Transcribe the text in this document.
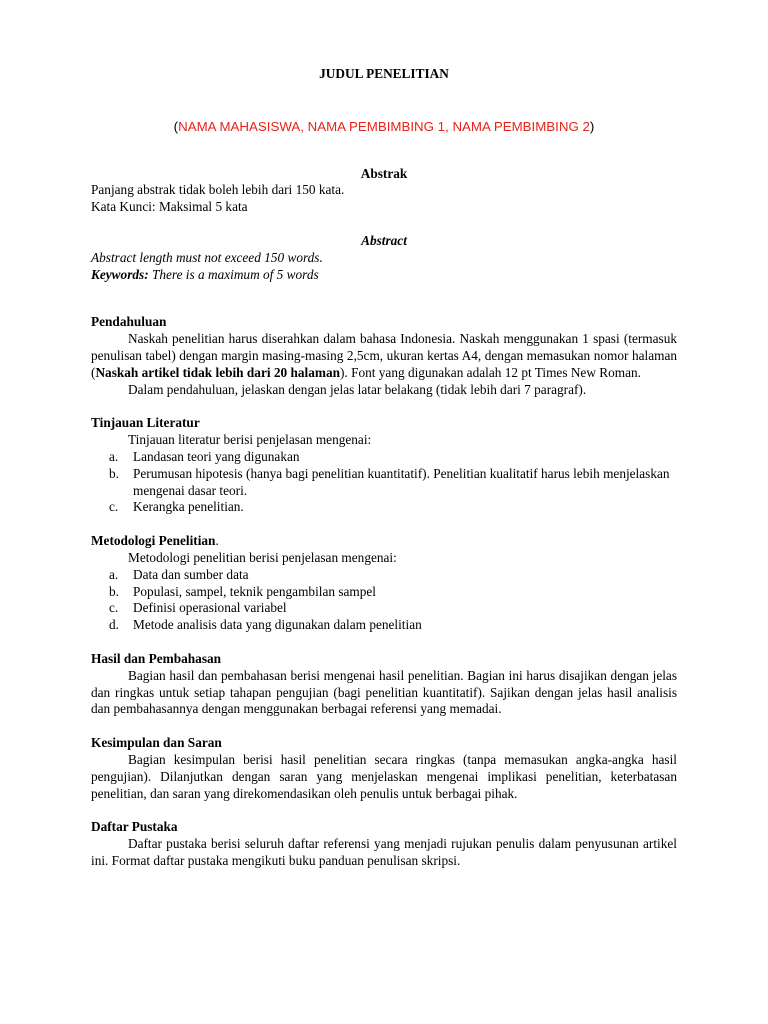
JUDUL PENELITIAN

(NAMA MAHASISWA, NAMA PEMBIMBING 1, NAMA PEMBIMBING 2)

Abstrak

Panjang abstrak tidak boleh lebih dari 150 kata.

Kata Kunci: Maksimal 5 kata

Abstract

Abstract length must not exceed 150 words.

Keywords: There is a maximum of 5 words

Pendahuluan

Naskah penelitian harus diserahkan dalam bahasa Indonesia. Naskah menggunakan 1 spasi (termasuk penulisan tabel) dengan margin masing-masing 2,5cm, ukuran kertas A4, dengan memasukan nomor halaman (Naskah artikel tidak lebih dari 20 halaman). Font yang digunakan adalah 12 pt Times New Roman.

Dalam pendahuluan, jelaskan dengan jelas latar belakang (tidak lebih dari 7 paragraf).

Tinjauan Literatur

Tinjauan literatur berisi penjelasan mengenai:

a. Landasan teori yang digunakan
b. Perumusan hipotesis (hanya bagi penelitian kuantitatif). Penelitian kualitatif harus lebih menjelaskan mengenai dasar teori.
c. Kerangka penelitian.

Metodologi Penelitian.

Metodologi penelitian berisi penjelasan mengenai:

a. Data dan sumber data
b. Populasi, sampel, teknik pengambilan sampel
c. Definisi operasional variabel
d. Metode analisis data yang digunakan dalam penelitian

Hasil dan Pembahasan

Bagian hasil dan pembahasan berisi mengenai hasil penelitian. Bagian ini harus disajikan dengan jelas dan ringkas untuk setiap tahapan pengujian (bagi penelitian kuantitatif). Sajikan dengan jelas hasil analisis dan pembahasannya dengan menggunakan berbagai referensi yang memadai.

Kesimpulan dan Saran

Bagian kesimpulan berisi hasil penelitian secara ringkas (tanpa memasukan angka-angka hasil pengujian). Dilanjutkan dengan saran yang menjelaskan mengenai implikasi penelitian, keterbatasan penelitian, dan saran yang direkomendasikan oleh penulis untuk berbagai pihak.

Daftar Pustaka

Daftar pustaka berisi seluruh daftar referensi yang menjadi rujukan penulis dalam penyusunan artikel ini. Format daftar pustaka mengikuti buku panduan penulisan skripsi.
